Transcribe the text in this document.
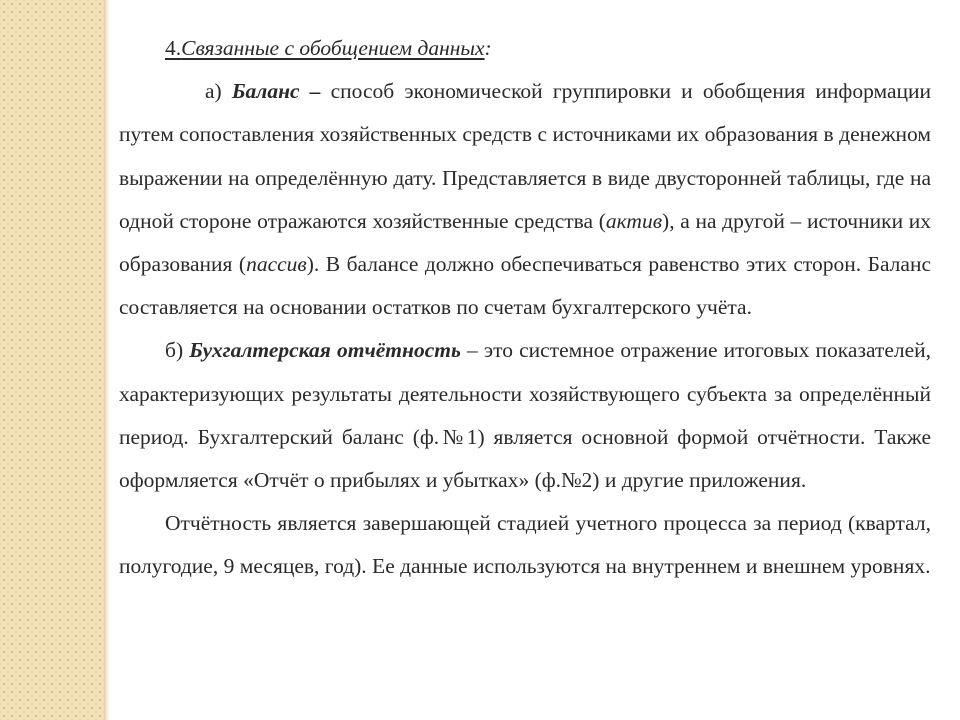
4.Связанные с обобщением данных:

а) Баланс – способ экономической группировки и обобщения информации путем сопоставления хозяйственных средств с источниками их образования в денежном выражении на определённую дату. Представляется в виде двусторонней таблицы, где на одной стороне отражаются хозяйственные средства (актив), а на другой – источники их образования (пассив). В балансе должно обеспечиваться равенство этих сторон. Баланс составляется на основании остатков по счетам бухгалтерского учёта.

б) Бухгалтерская отчётность – это системное отражение итоговых показателей, характеризующих результаты деятельности хозяйствующего субъекта за определённый период. Бухгалтерский баланс (ф.№1) является основной формой отчётности. Также оформляется «Отчёт о прибылях и убытках» (ф.№2) и другие приложения.

Отчётность является завершающей стадией учетного процесса за период (квартал, полугодие, 9 месяцев, год). Ее данные используются на внутреннем и внешнем уровнях.
